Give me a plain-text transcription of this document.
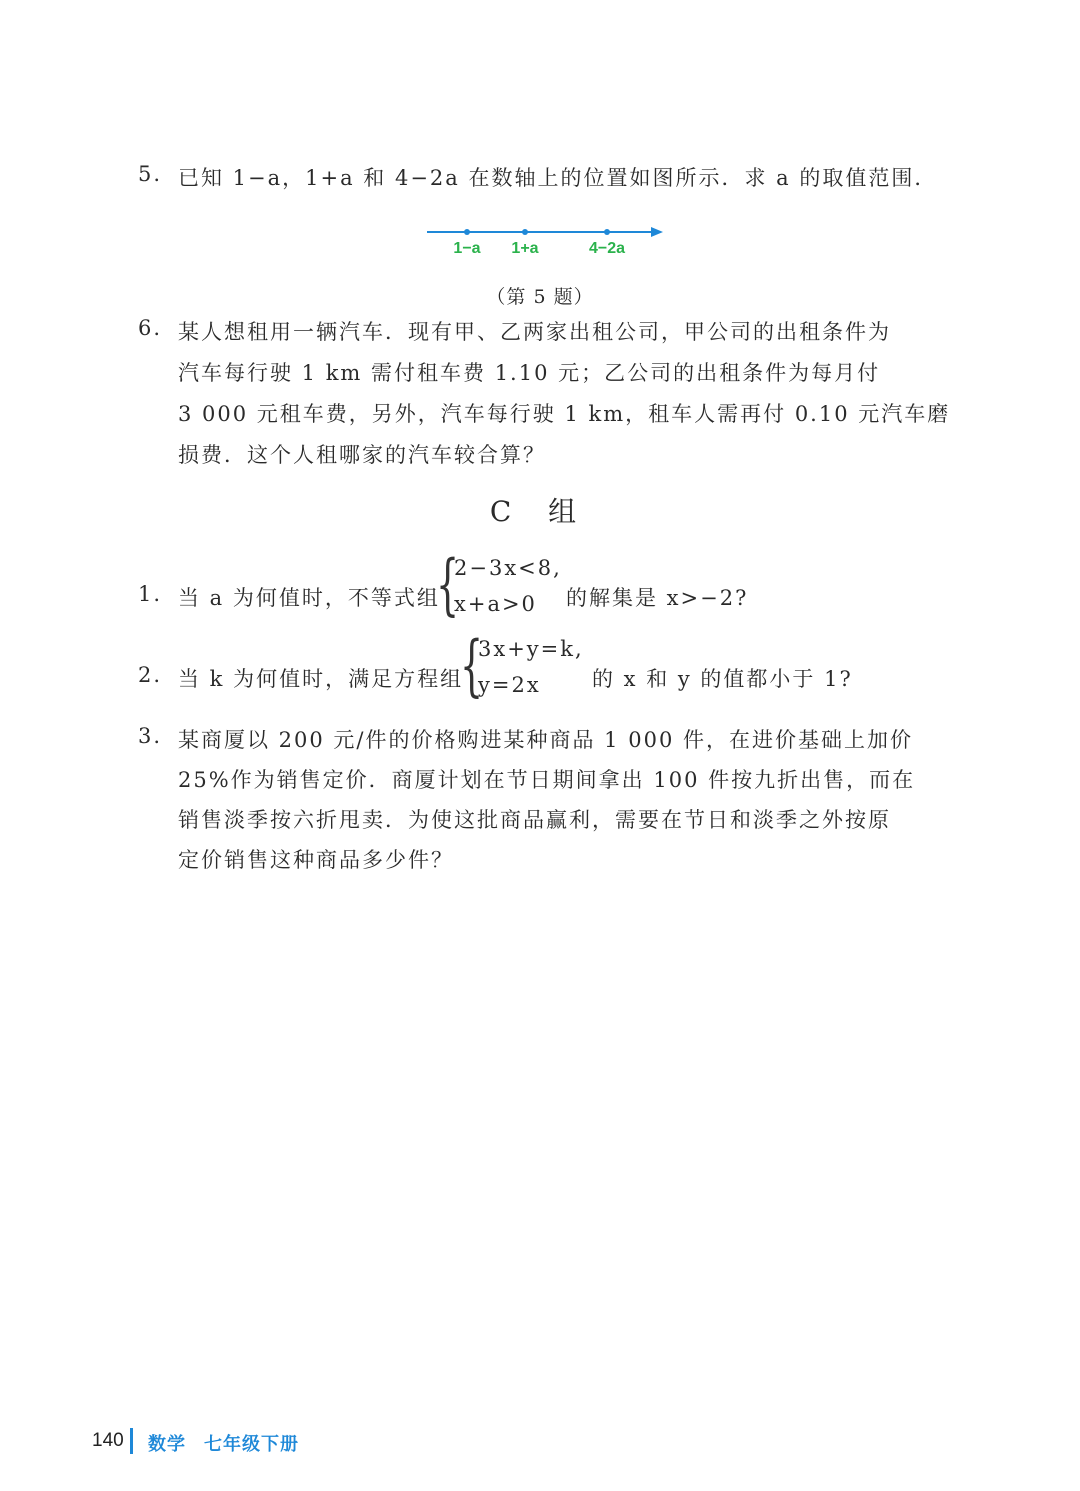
5. 已知 1−a，1+a 和 4−2a 在数轴上的位置如图所示．求 a 的取值范围．
1−a 1+a	4−2a
（第 5 题）
6. 某人想租用一辆汽车．现有甲、乙两家出租公司，甲公司的出租条件为
汽车每行驶 1 km 需付租车费 1.10 元；乙公司的出租条件为每月付
3 000 元租车费，另外，汽车每行驶 1 km，租车人需再付 0.10 元汽车磨
损费．这个人租哪家的汽车较合算？
C 组
1. 当 a 为何值时，不等式组
{
2−3x<8,
x+a>0 的解集是 x>−2?
2. 当 k 为何值时，满足方程组
{
3x+y=k,
y=2x 的 x 和 y 的值都小于 1?
3. 某商厦以 200 元/件的价格购进某种商品 1 000 件，在进价基础上加价
25%作为销售定价．商厦计划在节日期间拿出 100 件按九折出售，而在
销售淡季按六折甩卖．为使这批商品赢利，需要在节日和淡季之外按原
定价销售这种商品多少件？
140 数学 七年级下册
